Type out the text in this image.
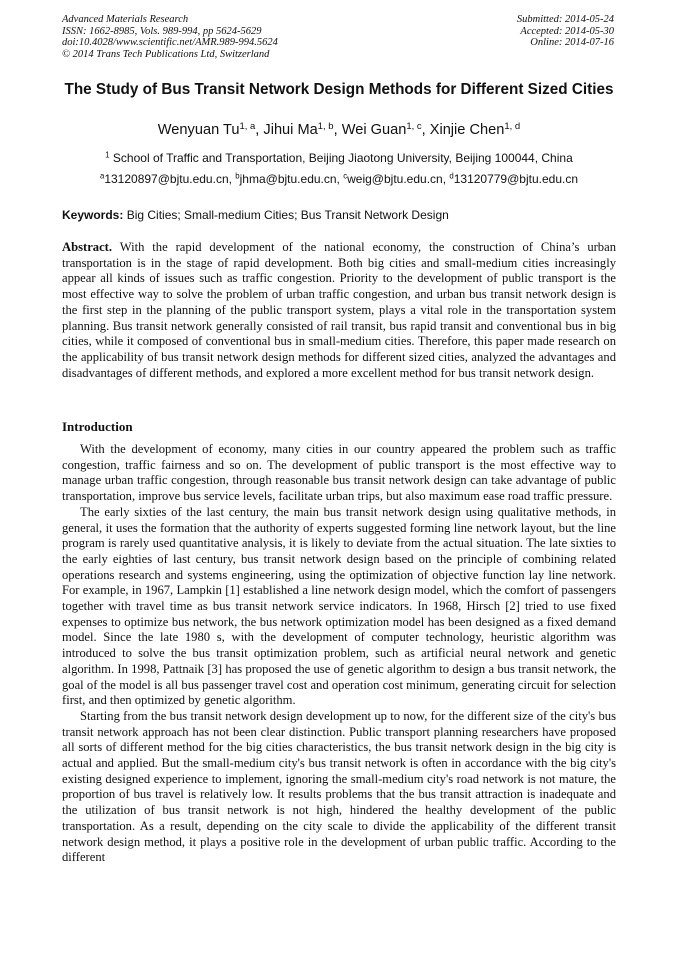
Advanced Materials Research
ISSN: 1662-8985, Vols. 989-994, pp 5624-5629
doi:10.4028/www.scientific.net/AMR.989-994.5624
© 2014 Trans Tech Publications Ltd, Switzerland
Submitted: 2014-05-24
Accepted: 2014-05-30
Online: 2014-07-16
The Study of Bus Transit Network Design Methods for Different Sized Cities
Wenyuan Tu$^{1, a}$, Jihui Ma$^{1, b}$, Wei Guan$^{1, c}$, Xinjie Chen$^{1, d}$
$^1$ School of Traffic and Transportation, Beijing Jiaotong University, Beijing 100044, China
$^a$13120897@bjtu.edu.cn, $^b$jhma@bjtu.edu.cn, $^c$weig@bjtu.edu.cn, $^d$13120779@bjtu.edu.cn
Keywords: Big Cities; Small-medium Cities; Bus Transit Network Design

Abstract. With the rapid development of the national economy, the construction of China’s urban transportation is in the stage of rapid development. Both big cities and small-medium cities increasingly appear all kinds of issues such as traffic congestion. Priority to the development of public transport is the most effective way to solve the problem of urban traffic congestion, and urban bus transit network design is the first step in the planning of the public transport system, plays a vital role in the transportation system planning. Bus transit network generally consisted of rail transit, bus rapid transit and conventional bus in big cities, while it composed of conventional bus in small-medium cities. Therefore, this paper made research on the applicability of bus transit network design methods for different sized cities, analyzed the advantages and disadvantages of different methods, and explored a more excellent method for bus transit network design.

Introduction

With the development of economy, many cities in our country appeared the problem such as traffic congestion, traffic fairness and so on. The development of public transport is the most effective way to manage urban traffic congestion, through reasonable bus transit network design can take advantage of public transportation, improve bus service levels, facilitate urban trips, but also maximum ease road traffic pressure.

The early sixties of the last century, the main bus transit network design using qualitative methods, in general, it uses the formation that the authority of experts suggested forming line network layout, but the line program is rarely used quantitative analysis, it is likely to deviate from the actual situation. The late sixties to the early eighties of last century, bus transit network design based on the principle of combining related operations research and systems engineering, using the optimization of objective function lay line network. For example, in 1967, Lampkin [1] established a line network design model, which the comfort of passengers together with travel time as bus transit network service indicators. In 1968, Hirsch [2] tried to use fixed expenses to optimize bus network, the bus network optimization model has been designed as a fixed demand model. Since the late 1980 s, with the development of computer technology, heuristic algorithm was introduced to solve the bus transit optimization problem, such as artificial neural network and genetic algorithm. In 1998, Pattnaik [3] has proposed the use of genetic algorithm to design a bus transit network, the goal of the model is all bus passenger travel cost and operation cost minimum, generating circuit for selection first, and then optimized by genetic algorithm.

Starting from the bus transit network design development up to now, for the different size of the city's bus transit network approach has not been clear distinction. Public transport planning researchers have proposed all sorts of different method for the big cities characteristics, the bus transit network design in the big city is actual and applied. But the small-medium city's bus transit network is often in accordance with the big city's existing designed experience to implement, ignoring the small-medium city's road network is not mature, the proportion of bus travel is relatively low. It results problems that the bus transit attraction is inadequate and the utilization of bus transit network is not high, hindered the healthy development of the public transportation. As a result, depending on the city scale to divide the applicability of the different transit network design method, it plays a positive role in the development of urban public traffic. According to the different
